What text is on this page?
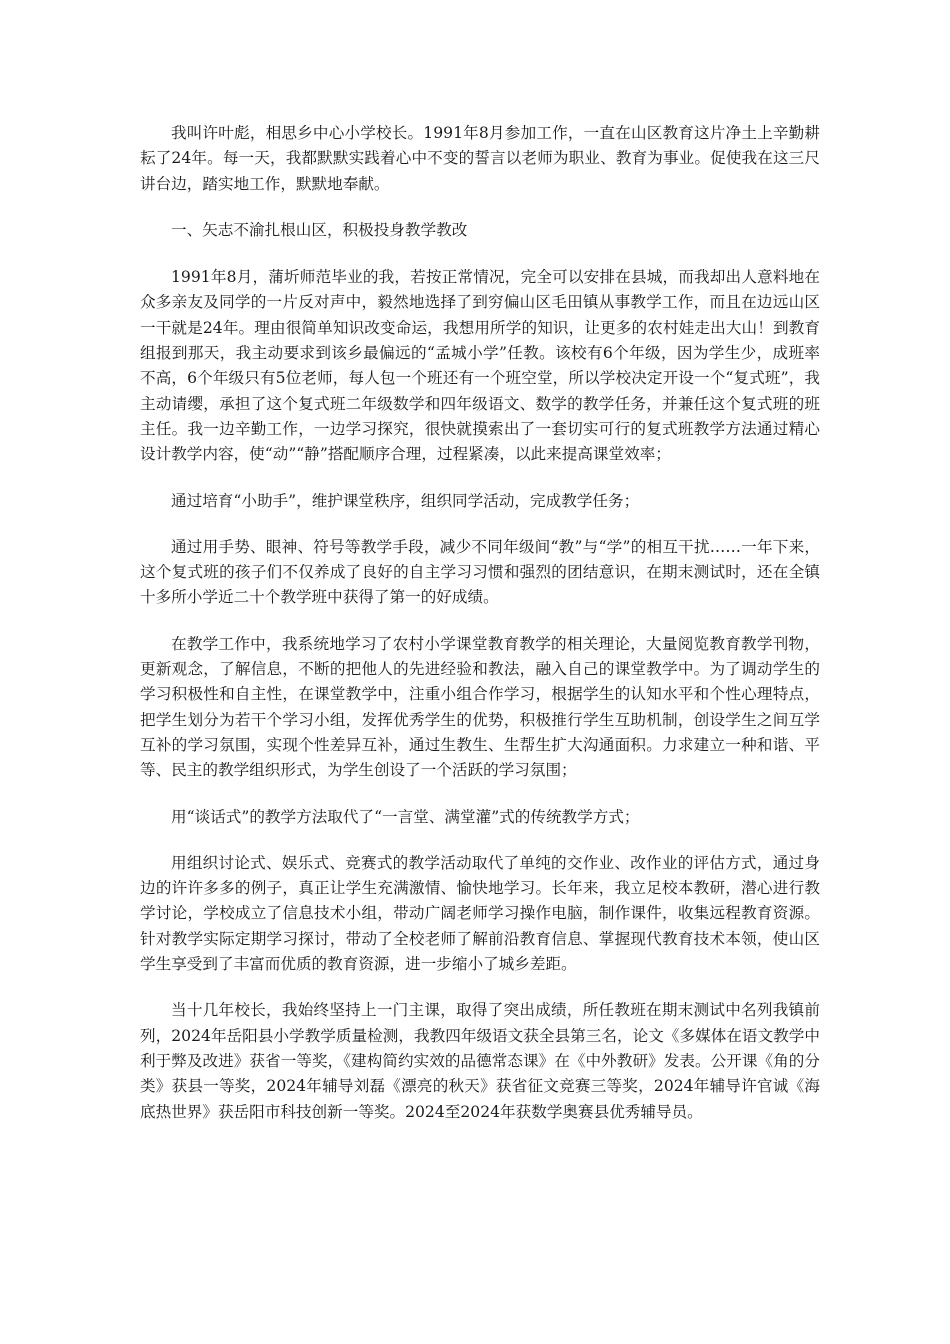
我叫许叶彪，相思乡中心小学校长。1991年8月参加工作，一直在山区教育这片净土上辛勤耕耘了24年。每一天，我都默默实践着心中不变的誓言以老师为职业、教育为事业。促使我在这三尺讲台边，踏实地工作，默默地奉献。

一、矢志不渝扎根山区，积极投身教学教改

1991年8月，蒲圻师范毕业的我，若按正常情况，完全可以安排在县城，而我却出人意料地在众多亲友及同学的一片反对声中，毅然地选择了到穷偏山区毛田镇从事教学工作，而且在边远山区一干就是24年。理由很简单知识改变命运，我想用所学的知识，让更多的农村娃走出大山！到教育组报到那天，我主动要求到该乡最偏远的“孟城小学”任教。该校有6个年级，因为学生少，成班率不高，6个年级只有5位老师，每人包一个班还有一个班空堂，所以学校决定开设一个“复式班”，我主动请缨，承担了这个复式班二年级数学和四年级语文、数学的教学任务，并兼任这个复式班的班主任。我一边辛勤工作，一边学习探究，很快就摸索出了一套切实可行的复式班教学方法通过精心设计教学内容，使“动”“静”搭配顺序合理，过程紧凑，以此来提高课堂效率；

通过培育“小助手”，维护课堂秩序，组织同学活动，完成教学任务；

通过用手势、眼神、符号等教学手段，减少不同年级间“教”与“学”的相互干扰……一年下来，这个复式班的孩子们不仅养成了良好的自主学习习惯和强烈的团结意识，在期末测试时，还在全镇十多所小学近二十个教学班中获得了第一的好成绩。

在教学工作中，我系统地学习了农村小学课堂教育教学的相关理论，大量阅览教育教学刊物，更新观念，了解信息，不断的把他人的先进经验和教法，融入自己的课堂教学中。为了调动学生的学习积极性和自主性，在课堂教学中，注重小组合作学习，根据学生的认知水平和个性心理特点，把学生划分为若干个学习小组，发挥优秀学生的优势，积极推行学生互助机制，创设学生之间互学互补的学习氛围，实现个性差异互补，通过生教生、生帮生扩大沟通面积。力求建立一种和谐、平等、民主的教学组织形式，为学生创设了一个活跃的学习氛围；

用“谈话式”的教学方法取代了“一言堂、满堂灌”式的传统教学方式；

用组织讨论式、娱乐式、竞赛式的教学活动取代了单纯的交作业、改作业的评估方式，通过身边的许许多多的例子，真正让学生充满激情、愉快地学习。长年来，我立足校本教研，潜心进行教学讨论，学校成立了信息技术小组，带动广阔老师学习操作电脑，制作课件，收集远程教育资源。针对教学实际定期学习探讨，带动了全校老师了解前沿教育信息、掌握现代教育技术本领，使山区学生享受到了丰富而优质的教育资源，进一步缩小了城乡差距。

当十几年校长，我始终坚持上一门主课，取得了突出成绩，所任教班在期末测试中名列我镇前列，2024年岳阳县小学教学质量检测，我教四年级语文获全县第三名，论文《多媒体在语文教学中利于弊及改进》获省一等奖，《建构简约实效的品德常态课》在《中外教研》发表。公开课《角的分类》获县一等奖，2024年辅导刘磊《漂亮的秋天》获省征文竞赛三等奖，2024年辅导许官诚《海底热世界》获岳阳市科技创新一等奖。2024至2024年获数学奥赛县优秀辅导员。
